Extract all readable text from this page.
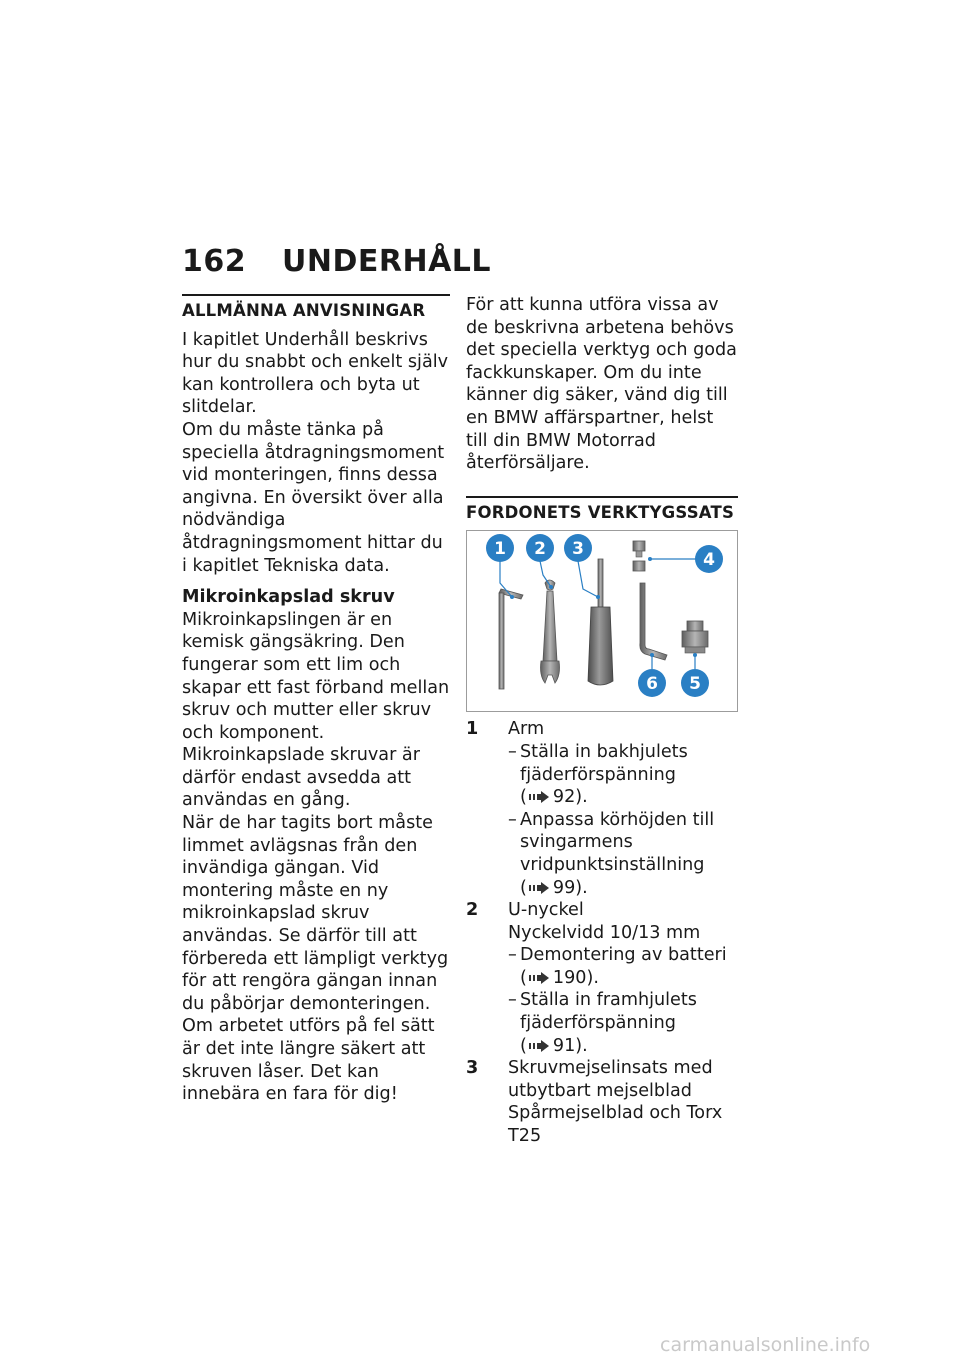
162 UNDERHÅLL
ALLMÄNNA ANVISNINGAR

I kapitlet Underhåll beskrivs hur du snabbt och enkelt själv kan kontrollera och byta ut slitdelar.

Om du måste tänka på speciella åtdragningsmoment vid monteringen, finns dessa angivna. En översikt över alla nödvändiga åtdragningsmoment hittar du i kapitlet Tekniska data.

Mikroinkapslad skruv

Mikroinkapslingen är en kemisk gängsäkring. Den fungerar som ett lim och skapar ett fast förband mellan skruv och mutter eller skruv och komponent. Mikroinkapslade skruvar är därför endast avsedda att användas en gång.

När de har tagits bort måste limmet avlägsnas från den invändiga gängan. Vid montering måste en ny mikroinkapslad skruv användas. Se därför till att förbereda ett lämpligt verktyg för att rengöra gängan innan du påbörjar demonteringen. Om arbetet utförs på fel sätt är det inte längre säkert att skruven låser. Det kan innebära en fara för dig!

För att kunna utföra vissa av de beskrivna arbetena behövs det speciella verktyg och goda fackkunskaper. Om du inte känner dig säker, vänd dig till en BMW affärspartner, helst till din BMW Motorrad återförsäljare.

FORDONETS VERKTYGSSATS
1 2 3
4
5
6
1 Arm
– Ställa in bakhjulets fjäderförspänning ( 92).
– Anpassa körhöjden till svingarmens vridpunktsinställning ( 99).
2 U-nyckel
Nyckelvidd 10/13 mm
– Demontering av batteri ( 190).
– Ställa in framhjulets fjäderförspänning ( 91).
3 Skruvmejselinsats med utbytbart mejselblad
Spårmejselblad och Torx T25
carmanualsonline.info
